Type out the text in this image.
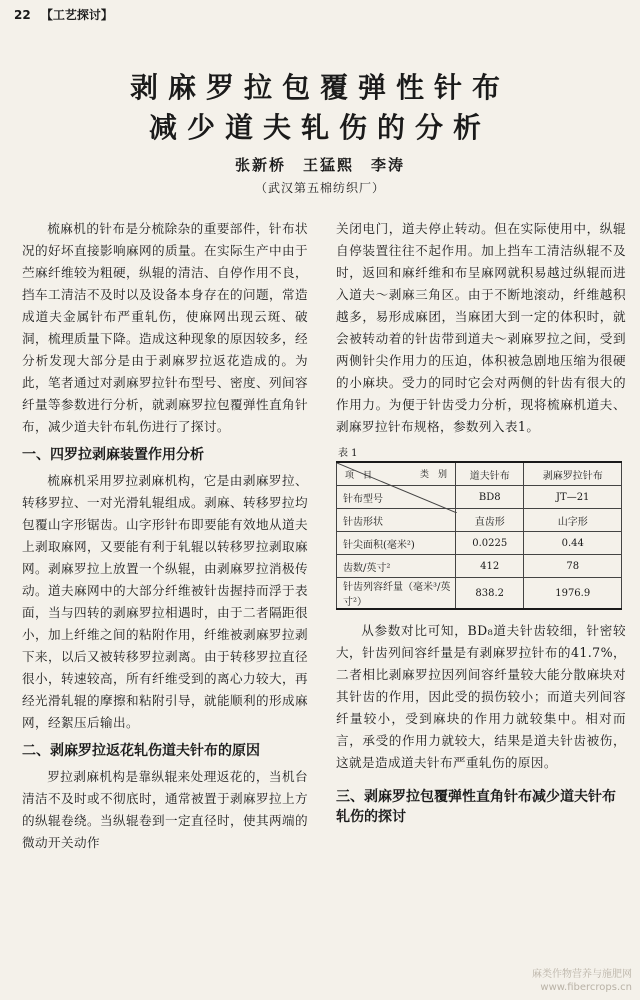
22 【工艺探讨】
剥麻罗拉包覆弹性针布
减少道夫轧伤的分析
张新桥　王猛熙　李涛
（武汉第五棉纺织厂）

梳麻机的针布是分梳除杂的重要部件，针布状况的好坏直接影响麻网的质量。在实际生产中由于苎麻纤维较为粗硬，纵辊的清洁、自停作用不良，挡车工清洁不及时以及设备本身存在的问题，常造成道夫金属针布严重轧伤，使麻网出现云斑、破洞，梳理质量下降。造成这种现象的原因较多，经分析发现大部分是由于剥麻罗拉返花造成的。为此，笔者通过对剥麻罗拉针布型号、密度、列间容纤量等参数进行分析，就剥麻罗拉包覆弹性直角针布，减少道夫针布轧伤进行了探讨。

一、四罗拉剥麻装置作用分析

梳麻机采用罗拉剥麻机构，它是由剥麻罗拉、转移罗拉、一对光滑轧辊组成。剥麻、转移罗拉均包覆山字形锯齿。山字形针布即要能有效地从道夫上剥取麻网，又要能有利于轧辊以转移罗拉剥取麻网。剥麻罗拉上放置一个纵辊，由剥麻罗拉消极传动。道夫麻网中的大部分纤维被针齿握持而浮于表面，当与四转的剥麻罗拉相遇时，由于二者隔距很小，加上纤维之间的粘附作用，纤维被剥麻罗拉剥下来，以后又被转移罗拉剥离。由于转移罗拉直径很小，转速较高，所有纤维受到的离心力较大，再经光滑轧辊的摩擦和粘附引导，就能顺利的形成麻网，经絮压后输出。

二、剥麻罗拉返花轧伤道夫针布的原因

罗拉剥麻机构是靠纵辊来处理返花的，当机台清洁不及时或不彻底时，通常被置于剥麻罗拉上方的纵辊卷绕。当纵辊卷到一定直径时，使其两端的微动开关动作

关闭电门，道夫停止转动。但在实际使用中，纵辊自停装置往往不起作用。加上挡车工清洁纵辊不及时，返回和麻纤维和布呈麻网就积易越过纵辊而进入道夫～剥麻三角区。由于不断地滚动，纤维越积越多，易形成麻团，当麻团大到一定的体积时，就会被转动着的针齿带到道夫～剥麻罗拉之间，受到两侧针尖作用力的压迫，体积被急剧地压缩为很硬的小麻块。受力的同时它会对两侧的针齿有很大的作用力。为便于针齿受力分析，现将梳麻机道夫、剥麻罗拉针布规格，参数列入表1。

表 1
类　别
项　目	道夫针布	剥麻罗拉针布
针布型号	BD8	JT—21
针齿形状	直齿形	山字形
针尖面积(毫米²)	0.0225	0.44
齿数/英寸²	412	78
针齿列容纤量（毫米³/英寸²）	838.2	1976.9

从参数对比可知，BD₈道夫针齿较细，针密较大，针齿列间容纤量是有剥麻罗拉针布的41.7%，二者相比剥麻罗拉因列间容纤量较大能分散麻块对其针齿的作用，因此受的损伤较小；而道夫列间容纤量较小，受到麻块的作用力就较集中。相对而言，承受的作用力就较大，结果是道夫针齿被伤，这就是造成道夫针布严重轧伤的原因。

三、剥麻罗拉包覆弹性直角针布减少道夫针布轧伤的探讨
麻类作物营养与施肥网
www.fibercrops.cn
